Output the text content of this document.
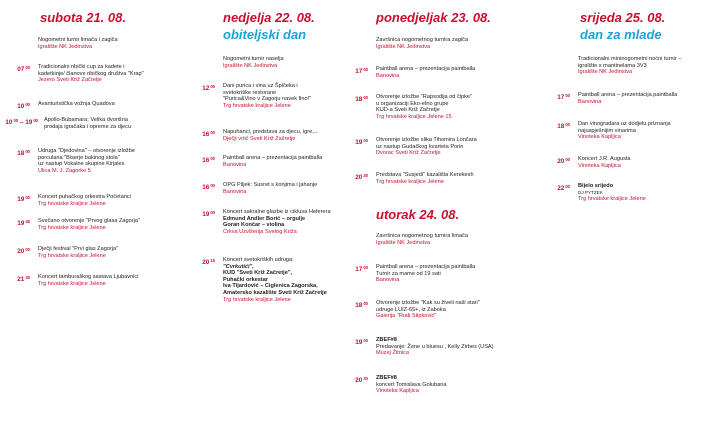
subota 21. 08.
Nogometni turnir limača i zagiča
Igralište NK Jedinstva
$07^{00}$ Tradicionalni ribički cup za kadete i
kadetkinje/ članove ribičkog društva "Krap"
Jezero Sveti Križ Začretje
$10^{00}$ Avanturistička vožnja Quadova
$10^{00} - 19^{00}$ Apollo-Bubamara: Velika dvorišna
prodaja igračaka i opreme za djecu
$18^{00}$ Udruga "Djedovina" – otvorenje izložbe
porculana "Biserje bakinog stola"
uz nastup Vokalne skupine Kirjales
Ulica M. J. Zagorke 5
$19^{00}$ Koncert puhačkog orkestra Početanci
Trg hrvatske kraljice Jelene
$19^{45}$ Svečano otvorenje "Prvog glasa Zagorja"
Trg hrvatske kraljice Jelene
$20^{00}$ Dječji festival "Prvi glas Zagorja"
Trg hrvatske kraljice Jelene
$21^{30}$ Koncert tamburaškog sastava Ljubavnici
Trg hrvatske kraljice Jelene
nedjelja 22. 08.
obiteljski dan
Nogometni turnir naselja
Igralište NK Jedinstva
$12^{00}$ Dani purica i vina uz Špičeka i
svetokriške restorane
"Purica&Vino v Zagorju navek fino!"
Trg hrvatske kraljice Jelene
$16^{00}$ Napuhanci, predstava za djecu, igre,...
Dječji vrtić Sveti Križ Začretje
$16^{00}$ Paintball arena – prezentacija paintballa
Banovina
$16^{00}$ OPG Piljek: Susret s konjima i jahanje
Banovina
$19^{00}$ Koncert sakralne glazbe iz ciklusa Heferera
Edmund Andler Borić – orgulje
Goran Končar – violina
Crkva Uzvišenja Svetog Križa
$20^{15}$ Koncert svetokriških udruga:
"Cvrkutići",
KUD "Sveti Križ Začretje",
Puhački orkestar
Iva Tijardović – Ciglenica Zagorska,
Amatersko kazalište Sveti Križ Začretje
Trg hrvatske kraljice Jelene
ponedjeljak 23. 08.
Završnica nogometnog turnira zagiča
Igralište NK Jedinstva
$17^{00}$ Paintball arena – prezentacija paintballa
Banovina
$18^{00}$ Otvorenje izložbe "Rapsodija od čipke"
u organizaciji Eko-etno grupe
KUD-a Sveti Križ Začretje
Trg hrvatske kraljice Jelene 15
$19^{00}$ Otvorenje izložbe slika Tihomira Lončara
uz nastup Gudačkog kvarteta Porin
Dvorac Sveti Križ Začretje
$20^{30}$ Predstava "Susjedi" kazališta Kerekesh
Trg hrvatske kraljice Jelene
utorak 24. 08.
Završnica nogometnog turnira limača
Igralište NK Jedinstva
$17^{00}$ Paintball arena – prezentacija paintballa
Turnir za mame od 19 sati
Banovina
$18^{00}$ Otvorenje izložbe "Kak su živeli naši stari"
udruge LUIZ-65+, iz Zaboka
Galerija "Rudi Stipković"
$19^{00}$ ZBEF#8
Predavanje: Žene u bluesu , Kelly Zirbes (USA)
Muzej Žitnica
$20^{30}$ ZBEF#8
koncert Tomislava Golubana
Vinoteka Kapljica
srijeda 25. 08.
dan za mlade
Tradicionalni mininogometni noćni turnir –
igralište s mantinelama 3V3
Igralište NK Jedinstva
$17^{00}$ Paintball arena – prezentacija paintballa
Banovina
$18^{00}$ Dan vinogradara uz dodjelu priznanja
najuspješnijim vinarima
Vinoteka Kapljica
$20^{00}$ Koncert J.R. Augusta
Vinoteka Kapljica
$22^{00}$ Bijelo srijedo
DJ PYTZEK
Trg hrvatske kraljice Jelene
